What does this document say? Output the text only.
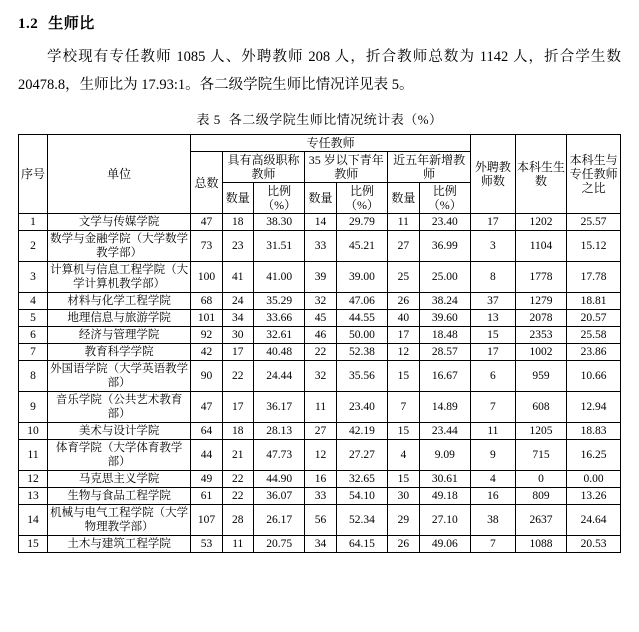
1.2 生师比

学校现有专任教师 1085 人、外聘教师 208 人，折合教师总数为 1142 人，折合学生数 20478.8，生师比为 17.93:1。各二级学院生师比情况详见表 5。

表 5 各二级学院生师比情况统计表（%）
序号	单位	专任教师							外聘教师数	本科生生数	本科生与专任教师之比
		总数	具有高级职称教师		35 岁以下青年教师		近五年新增教师				
			数量	比例（%）	数量	比例（%）	数量	比例（%）			
1	文学与传媒学院	47	18	38.30	14	29.79	11	23.40	17	1202	25.57
2	数学与金融学院（大学数学教学部）	73	23	31.51	33	45.21	27	36.99	3	1104	15.12
3	计算机与信息工程学院（大学计算机教学部）	100	41	41.00	39	39.00	25	25.00	8	1778	17.78
4	材料与化学工程学院	68	24	35.29	32	47.06	26	38.24	37	1279	18.81
5	地理信息与旅游学院	101	34	33.66	45	44.55	40	39.60	13	2078	20.57
6	经济与管理学院	92	30	32.61	46	50.00	17	18.48	15	2353	25.58
7	教育科学学院	42	17	40.48	22	52.38	12	28.57	17	1002	23.86
8	外国语学院（大学英语教学部）	90	22	24.44	32	35.56	15	16.67	6	959	10.66
9	音乐学院（公共艺术教育部）	47	17	36.17	11	23.40	7	14.89	7	608	12.94
10	美术与设计学院	64	18	28.13	27	42.19	15	23.44	11	1205	18.83
11	体育学院（大学体育教学部）	44	21	47.73	12	27.27	4	9.09	9	715	16.25
12	马克思主义学院	49	22	44.90	16	32.65	15	30.61	4	0	0.00
13	生物与食品工程学院	61	22	36.07	33	54.10	30	49.18	16	809	13.26
14	机械与电气工程学院（大学物理教学部）	107	28	26.17	56	52.34	29	27.10	38	2637	24.64
15	土木与建筑工程学院	53	11	20.75	34	64.15	26	49.06	7	1088	20.53
